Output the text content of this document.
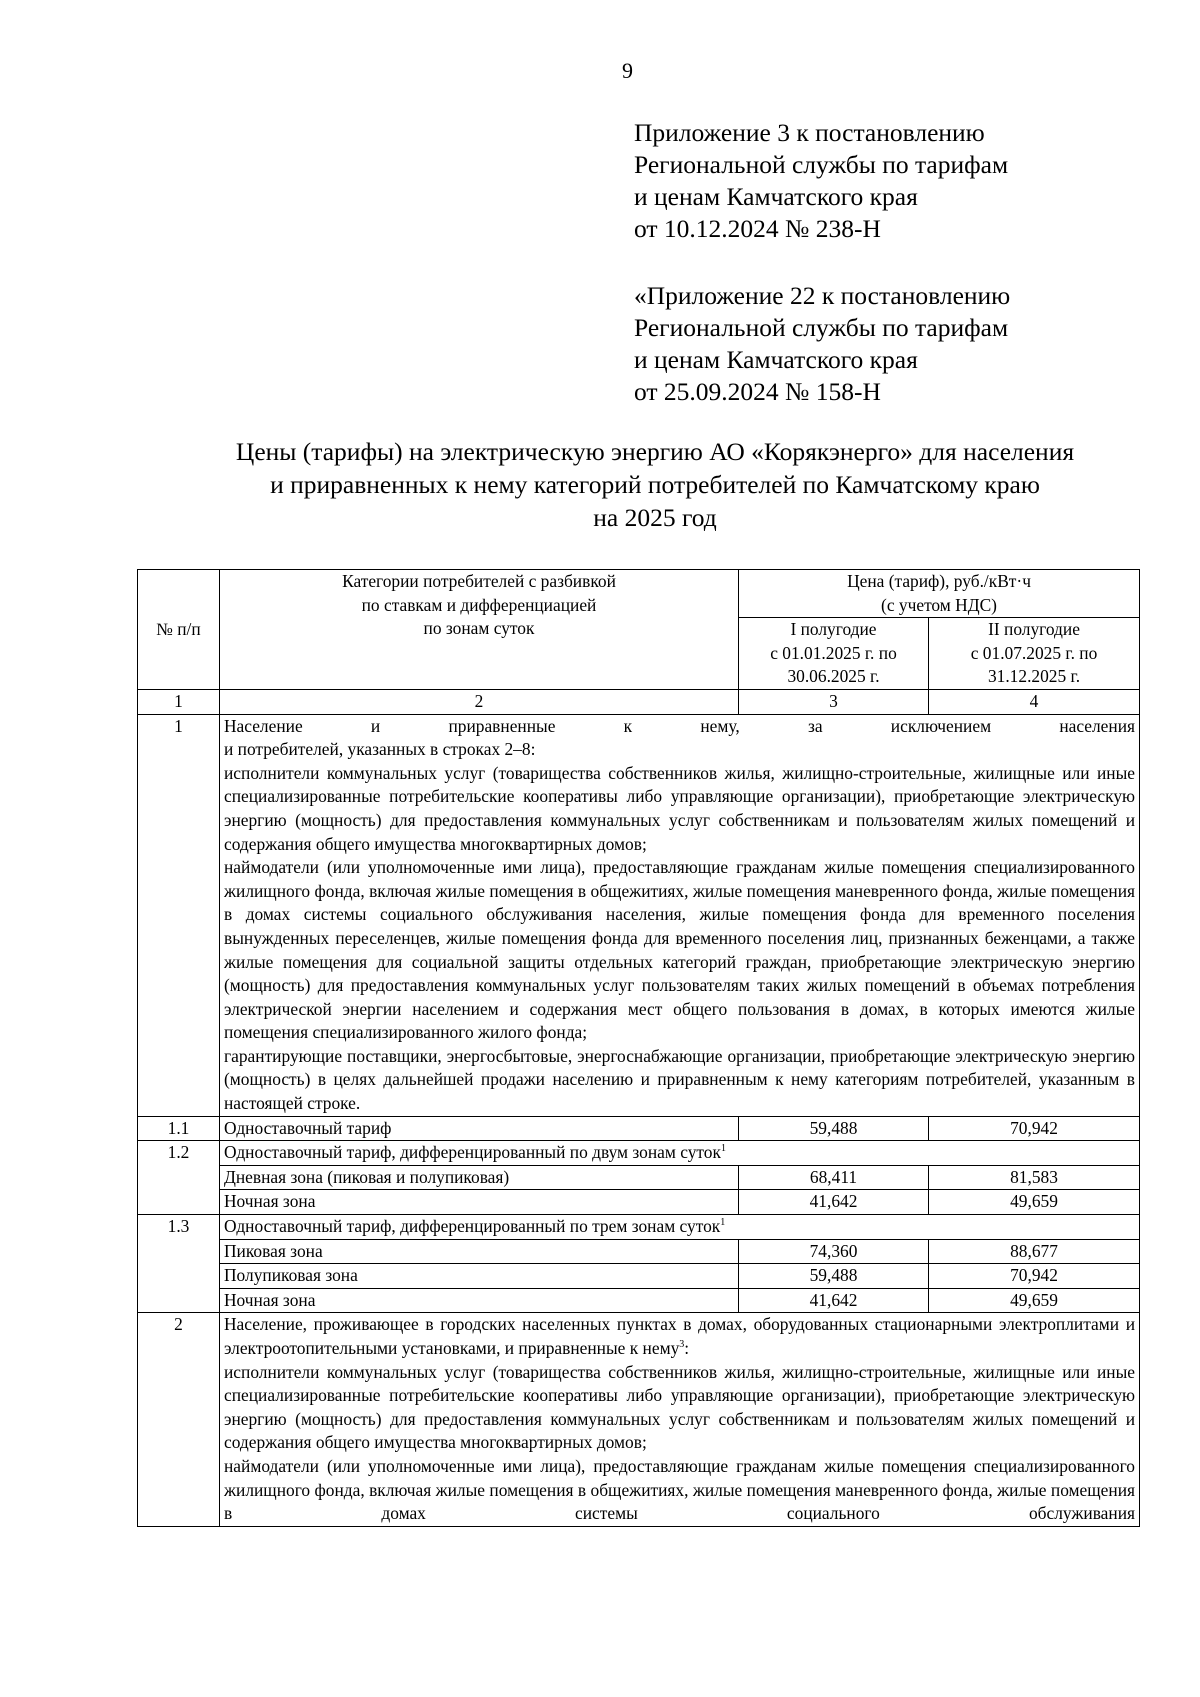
9
Приложение 3 к постановлению
Региональной службы по тарифам
и ценам Камчатского края
от 10.12.2024 № 238-Н
«Приложение 22 к постановлению
Региональной службы по тарифам
и ценам Камчатского края
от 25.09.2024 № 158-Н
Цены (тарифы) на электрическую энергию АО «Корякэнерго» для населения
и приравненных к нему категорий потребителей по Камчатскому краю
на 2025 год
№ п/п	Категории потребителей с разбивкой
по ставкам и дифференциацией
по зонам суток	Цена (тариф), руб./кВт·ч
(с учетом НДС)	
		I полугодие
с 01.01.2025 г. по
30.06.2025 г.	II полугодие
с 01.07.2025 г. по
31.12.2025 г.
1	2	3	4
1	Население и приравненные к нему, за исключением населения

и потребителей, указанных в строках 2–8:

исполнители коммунальных услуг (товарищества собственников жилья, жилищно-строительные, жилищные или иные специализированные потребительские кооперативы либо управляющие организации), приобретающие электрическую энергию (мощность) для предоставления коммунальных услуг собственникам и пользователям жилых помещений и содержания общего имущества многоквартирных домов;

наймодатели (или уполномоченные ими лица), предоставляющие гражданам жилые помещения специализированного жилищного фонда, включая жилые помещения в общежитиях, жилые помещения маневренного фонда, жилые помещения в домах системы социального обслуживания населения, жилые помещения фонда для временного поселения вынужденных переселенцев, жилые помещения фонда для временного поселения лиц, признанных беженцами, а также жилые помещения для социальной защиты отдельных категорий граждан, приобретающие электрическую энергию (мощность) для предоставления коммунальных услуг пользователям таких жилых помещений в объемах потребления электрической энергии населением и содержания мест общего пользования в домах, в которых имеются жилые помещения специализированного жилого фонда;

гарантирующие поставщики, энергосбытовые, энергоснабжающие организации, приобретающие электрическую энергию (мощность) в целях дальнейшей продажи населению и приравненным к нему категориям потребителей, указанным в настоящей строке.		

1.1	Одноставочный тариф	59,488	70,942
1.2	Одноставочный тариф, дифференцированный по двум зонам суток$^1$
	Дневная зона (пиковая и полупиковая)	68,411	81,583
	Ночная зона	41,642	49,659
1.3	Одноставочный тариф, дифференцированный по трем зонам суток$^1$
	Пиковая зона	74,360	88,677
	Полупиковая зона	59,488	70,942
	Ночная зона	41,642	49,659
2	Население, проживающее в городских населенных пунктах в домах, оборудованных стационарными электроплитами и электроотопительными установками, и приравненные к нему$^3$:

исполнители коммунальных услуг (товарищества собственников жилья, жилищно-строительные, жилищные или иные специализированные потребительские кооперативы либо управляющие организации), приобретающие электрическую энергию (мощность) для предоставления коммунальных услуг собственникам и пользователям жилых помещений и содержания общего имущества многоквартирных домов;

наймодатели (или уполномоченные ими лица), предоставляющие гражданам жилые помещения специализированного жилищного фонда, включая жилые помещения в общежитиях, жилые помещения маневренного фонда, жилые помещения в домах системы социального обслуживания		
